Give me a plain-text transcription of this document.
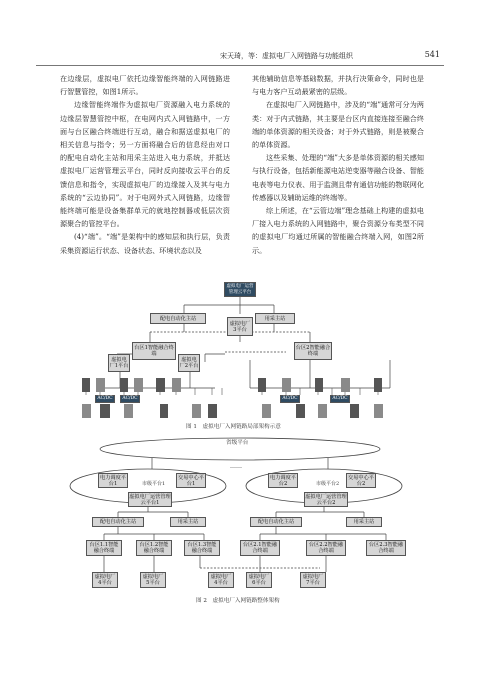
宋天琦，等：虚拟电厂入网链路与功能组织	541

在边缘层，虚拟电厂依托边缘智能终端的入网链路进行智慧管控，如图1所示。

边缘智能终端作为虚拟电厂资源融入电力系统的边缘层智慧管控中枢，在电网内式入网链路中，一方面与台区融合终端进行互动，融合和据送虚拟电厂的相关信息与指令；另一方面将融合后的信息经由对口的配电自动化主站和用采主站进入电力系统，并抵达虚拟电厂运营管理云平台，同时反向接收云平台的反馈信息和指令，实现虚拟电厂的边缘接入及其与电力系统的“云边协同”。对于电网外式入网链路，边缘智能终端可能是设备集群单元的就地控制器或低层次资源聚合的管控平台。

(4)“端”。“端”是架构中的感知层和执行层，负责采集资源运行状态、设备状态、环境状态以及

其他辅助信息等基础数据，并执行决策命令，同时也是与电力客户互动最紧密的层级。

在虚拟电厂入网链路中，涉及的“端”通常可分为两类：对于内式链路，其主要是台区内直接连接至融合终端的单体资源的相关设备；对于外式链路，则是被聚合的单体资源。

这些采集、处理的“端”大多是单体资源的相关感知与执行设备，包括新能源电站逆变器等融合设备、智能电表等电力仪表、用于监测且带有通信功能的物联网化传感器以及辅助运维的终端等。

综上所述，在“云管边端”理念基础上构建的虚拟电厂接入电力系统的入网链路中，聚合资源分布类型不同的虚拟电厂均通过所属的智能融合终端入网，如图2所示。

虚拟电厂运营管理云平台
配电自动化主站	用采主站
虚拟电厂3平台
台区1智能融合终端
台区2智能融合终端
虚拟电厂1平台
虚拟电厂2平台
AC/DC AC/DC	AC/DC	AC/DC
图 1　虚拟电厂入网链路局部架构示意
省级平台
……
电力调度平台1	市级平台1
交易中心平台1
虚拟电厂运营管理云平台1
电力调度平台2	市级平台2
交易中心平台2
虚拟电厂运营管理云平台2
配电自动化主站	用采主站	配电自动化主站	用采主站
台区1.1智能融合终端
台区1.2智能融合终端
台区1.3智能融合终端
台区2.1智能融合终端
台区2.2智能融合终端
台区2.3智能融合终端
虚拟电厂4平台
虚拟电厂5平台
虚拟电厂4平台
虚拟电厂6平台
虚拟电厂7平台
图 2　虚拟电厂入网链路整体架构
